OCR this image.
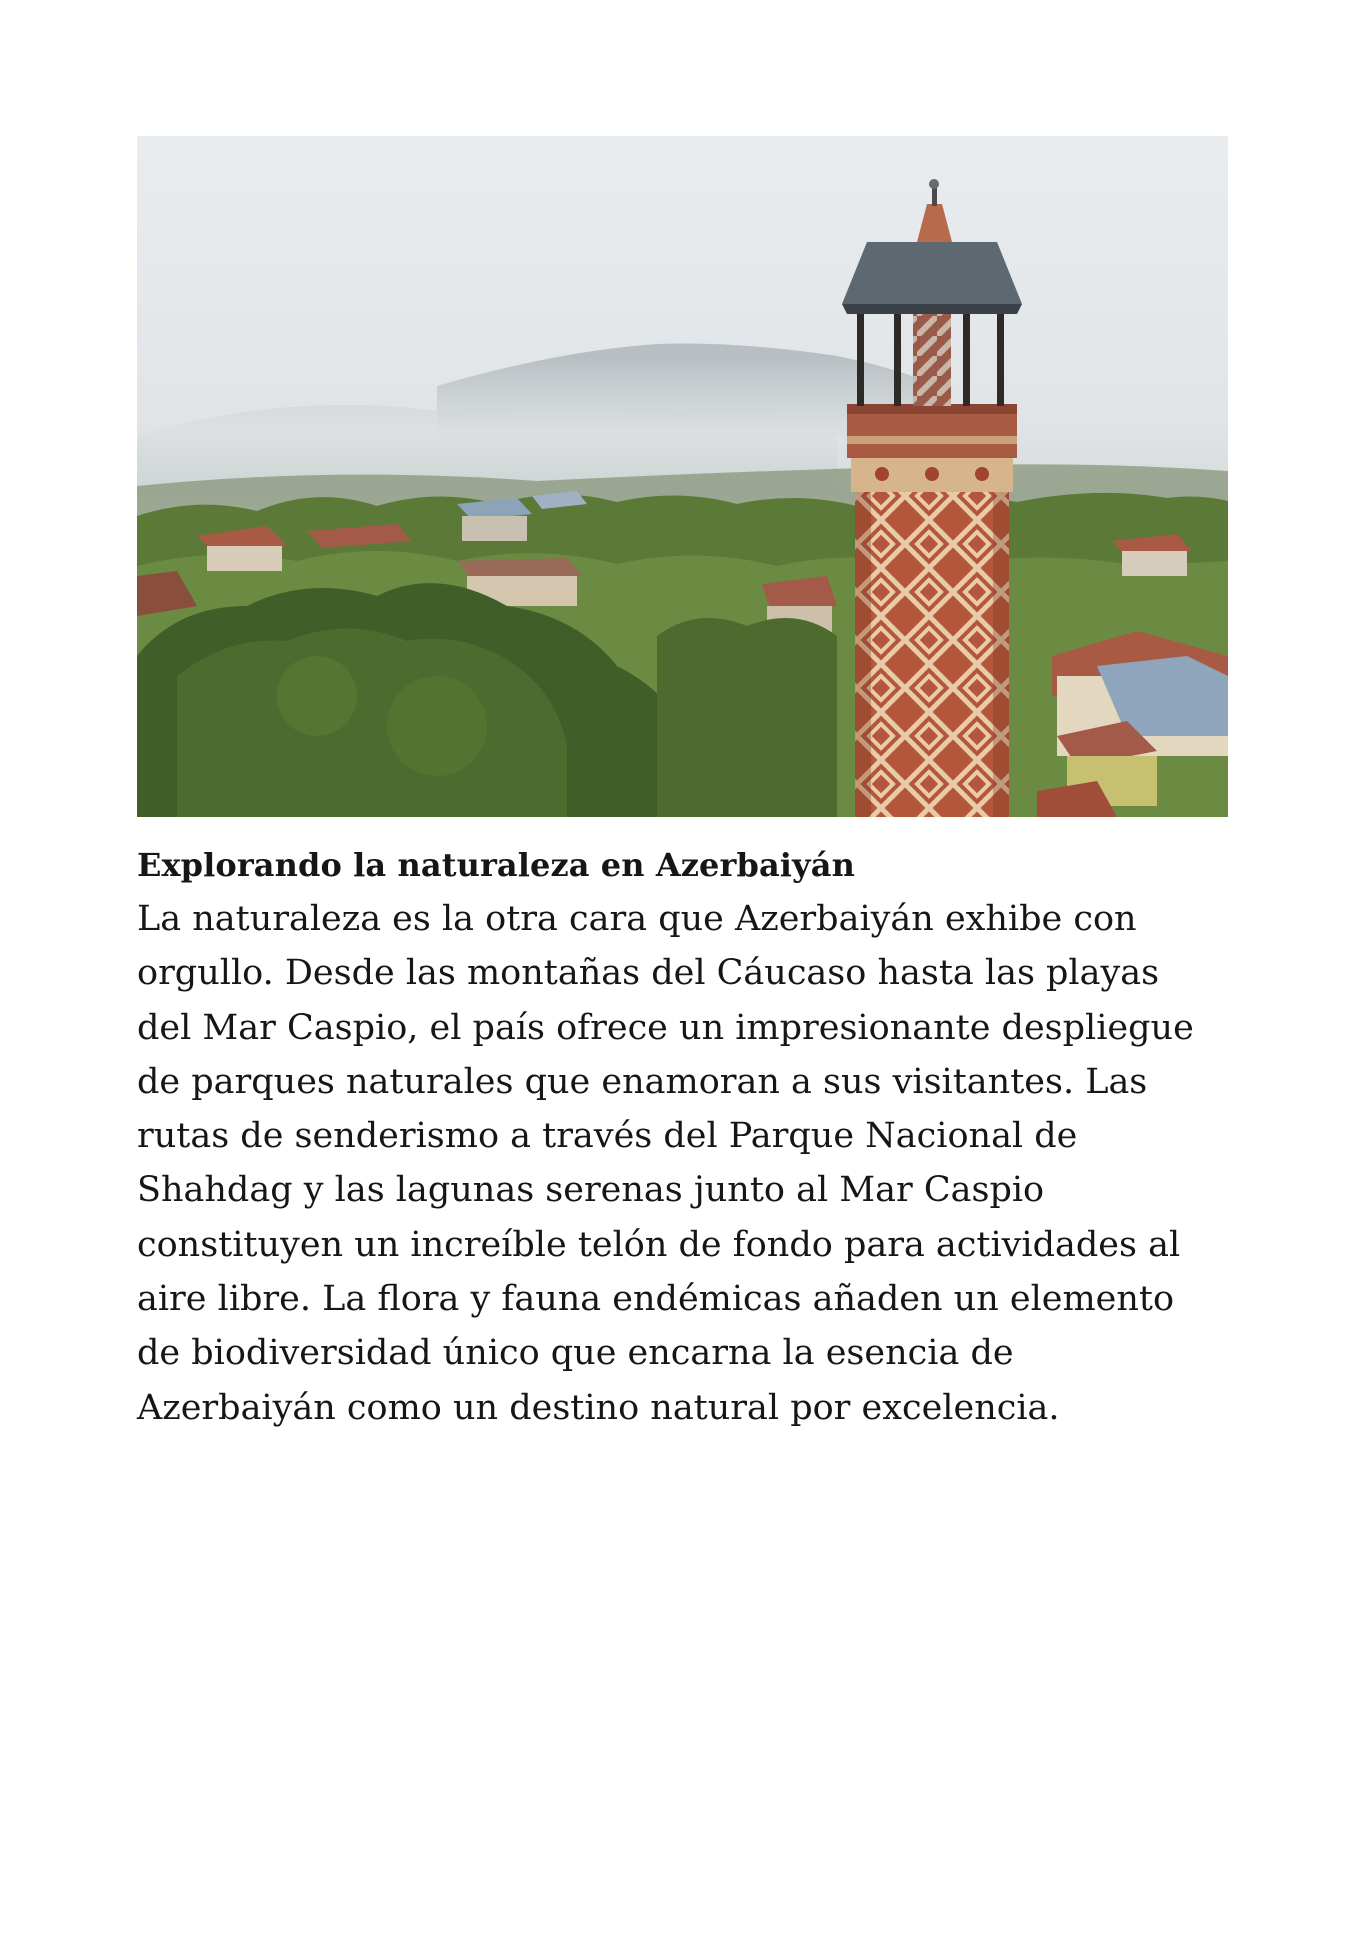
Explorando la naturaleza en Azerbaiyán

La naturaleza es la otra cara que Azerbaiyán exhibe con
orgullo. Desde las montañas del Cáucaso hasta las playas
del Mar Caspio, el país ofrece un impresionante despliegue
de parques naturales que enamoran a sus visitantes. Las
rutas de senderismo a través del Parque Nacional de
Shahdag y las lagunas serenas junto al Mar Caspio
constituyen un increíble telón de fondo para actividades al
aire libre. La flora y fauna endémicas añaden un elemento
de biodiversidad único que encarna la esencia de
Azerbaiyán como un destino natural por excelencia.
